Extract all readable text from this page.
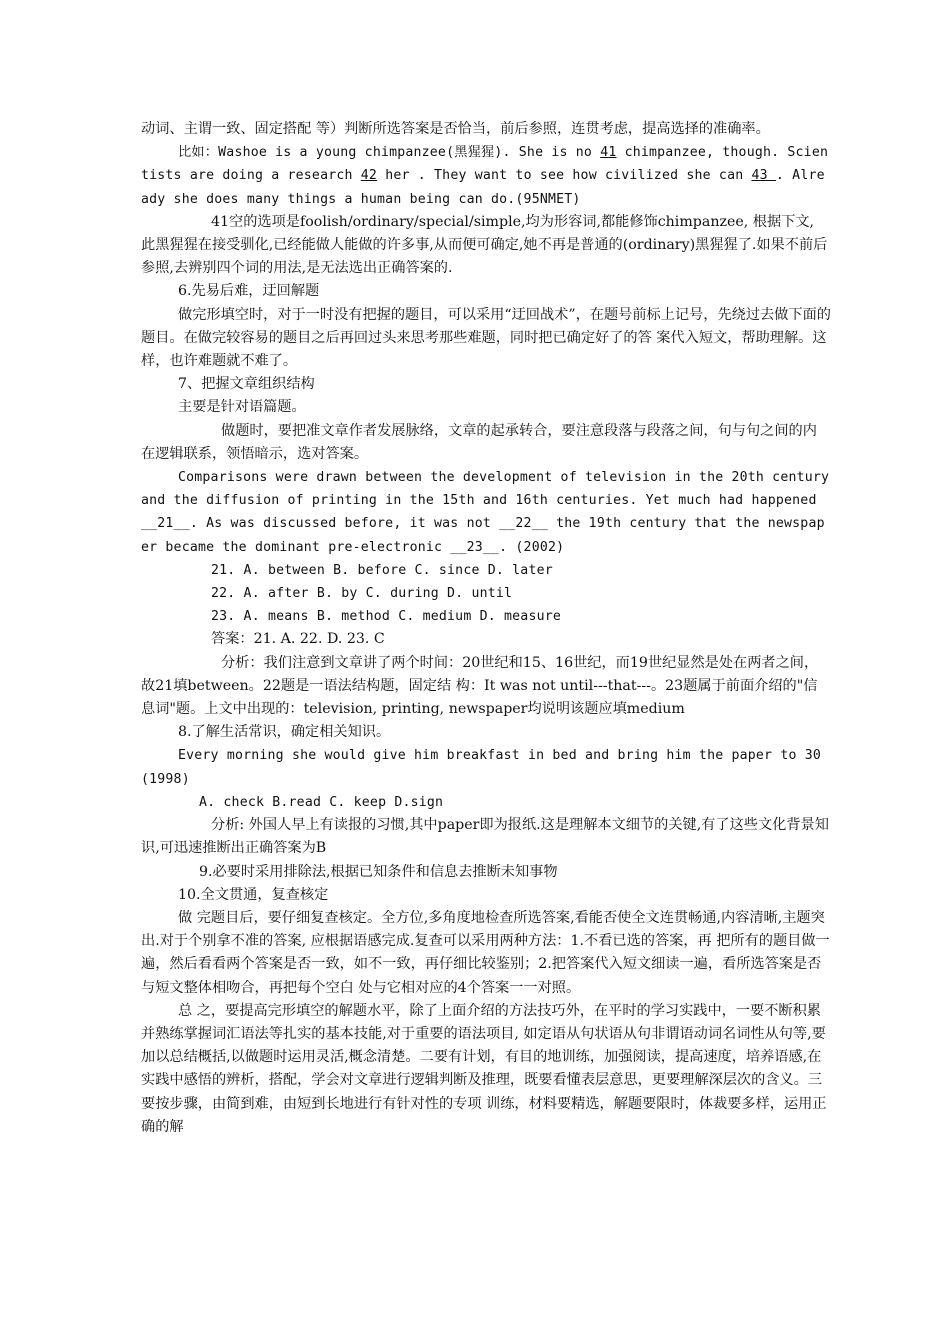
动词、主谓一致、固定搭配 等）判断所选答案是否恰当，前后参照，连贯考虑，提高选择的准确率。

比如：Washoe is a young chimpanzee(黑猩猩). She is no 41 chimpanzee, though. Scientists are doing a research 42 her . They want to see how civilized she can 43 . Already she does many things a human being can do.(95NMET)

41空的选项是foolish/ordinary/special/simple,均为形容词,都能修饰chimpanzee, 根据下文, 此黑猩猩在接受驯化,已经能做人能做的许多事,从而便可确定,她不再是普通的(ordinary)黑猩猩了.如果不前后参照,去辨别四个词的用法,是无法选出正确答案的.

6.先易后难，迂回解题

做完形填空时，对于一时没有把握的题目，可以采用“迂回战术”，在题号前标上记号，先绕过去做下面的题目。在做完较容易的题目之后再回过头来思考那些难题，同时把已确定好了的答 案代入短文，帮助理解。这样，也许难题就不难了。

7、把握文章组织结构

主要是针对语篇题。

做题时，要把准文章作者发展脉络，文章的起承转合，要注意段落与段落之间，句与句之间的内在逻辑联系，领悟暗示，选对答案。

Comparisons were drawn between the development of television in the 20th century and the diffusion of printing in the 15th and 16th centuries. Yet much had happened __21__. As was discussed before, it was not __22__ the 19th century that the newspaper became the dominant pre-electronic __23__. (2002)

21. A. between B. before C. since D. later

22. A. after B. by C. during D. until

23. A. means B. method C. medium D. measure

答案：21. A. 22. D. 23. C

分析：我们注意到文章讲了两个时间：20世纪和15、16世纪，而19世纪显然是处在两者之间，故21填between。22题是一语法结构题，固定结 构：It was not until---that---。23题属于前面介绍的"信息词"题。上文中出现的：television, printing, newspaper均说明该题应填medium

8.了解生活常识，确定相关知识。

Every morning she would give him breakfast in bed and bring him the paper to 30 (1998)

A. check B.read C. keep D.sign

分析: 外国人早上有读报的习惯,其中paper即为报纸.这是理解本文细节的关键,有了这些文化背景知识,可迅速推断出正确答案为B

9.必要时采用排除法,根据已知条件和信息去推断未知事物

10.全文贯通，复查核定

做 完题目后，要仔细复查核定。全方位,多角度地检查所选答案,看能否使全文连贯畅通,内容清晰,主题突出.对于个别拿不准的答案, 应根据语感完成.复查可以采用两种方法：1.不看已选的答案，再 把所有的题目做一遍，然后看看两个答案是否一致，如不一致，再仔细比较鉴别；2.把答案代入短文细读一遍，看所选答案是否与短文整体相吻合，再把每个空白 处与它相对应的4个答案一一对照。

总 之，要提高完形填空的解题水平，除了上面介绍的方法技巧外，在平时的学习实践中，一要不断积累并熟练掌握词汇语法等扎实的基本技能,对于重要的语法项目, 如定语从句状语从句非谓语动词名词性从句等,要加以总结概括,以做题时运用灵活,概念清楚。二要有计划，有目的地训练，加强阅读，提高速度，培养语感,在 实践中感悟的辨析，搭配，学会对文章进行逻辑判断及推理，既要看懂表层意思，更要理解深层次的含义。三要按步骤，由简到难，由短到长地进行有针对性的专项 训练，材料要精选，解题要限时，体裁要多样，运用正确的解
